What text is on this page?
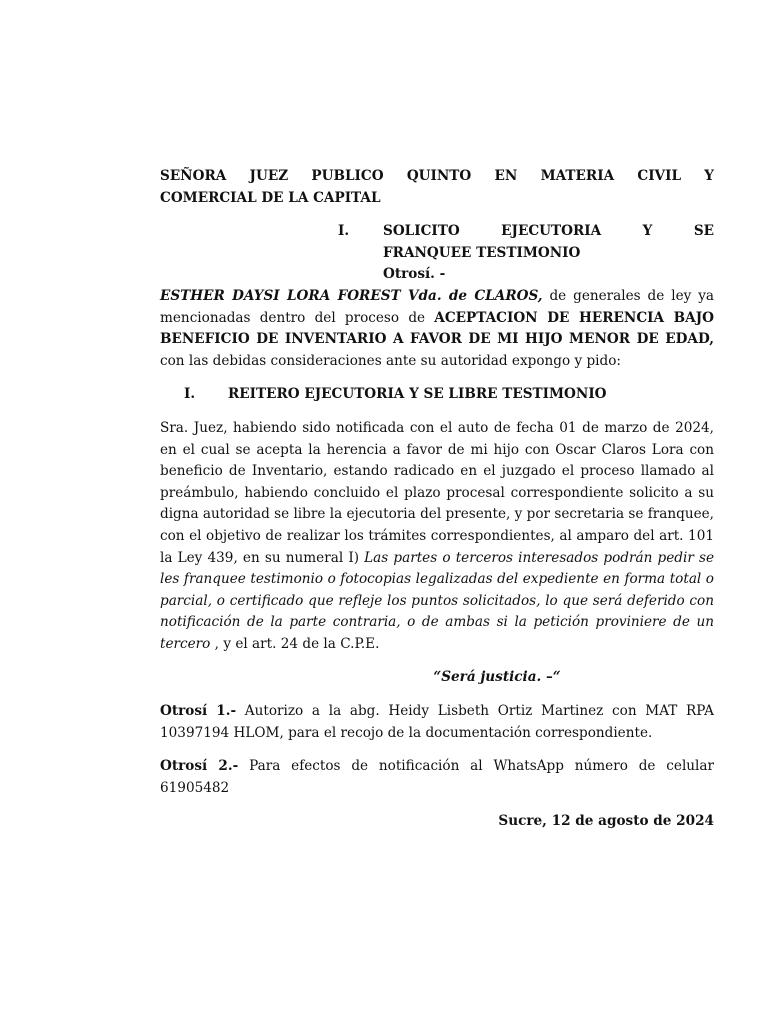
SEÑORA JUEZ PUBLICO QUINTO EN MATERIA CIVIL Y

COMERCIAL DE LA CAPITAL

I.	SOLICITO EJECUTORIA Y SE
FRANQUEE TESTIMONIO
Otrosí. -

ESTHER DAYSI LORA FOREST Vda. de CLAROS, de generales de ley ya mencionadas dentro del proceso de ACEPTACION DE HERENCIA BAJO BENEFICIO DE INVENTARIO A FAVOR DE MI HIJO MENOR DE EDAD, con las debidas consideraciones ante su autoridad expongo y pido:

I.	REITERO EJECUTORIA Y SE LIBRE TESTIMONIO

Sra. Juez, habiendo sido notificada con el auto de fecha 01 de marzo de 2024, en el cual se acepta la herencia a favor de mi hijo con Oscar Claros Lora con beneficio de Inventario, estando radicado en el juzgado el proceso llamado al preámbulo, habiendo concluido el plazo procesal correspondiente solicito a su digna autoridad se libre la ejecutoria del presente, y por secretaria se franquee, con el objetivo de realizar los trámites correspondientes, al amparo del art. 101 la Ley 439, en su numeral I) Las partes o terceros interesados podrán pedir se les franquee testimonio o fotocopias legalizadas del expediente en forma total o parcial, o certificado que refleje los puntos solicitados, lo que será deferido con notificación de la parte contraria, o de ambas si la petición proviniere de un tercero , y el art. 24 de la C.P.E.

“Será justicia. –“

Otrosí 1.- Autorizo a la abg. Heidy Lisbeth Ortiz Martinez con MAT RPA 10397194 HLOM, para el recojo de la documentación correspondiente.

Otrosí 2.- Para efectos de notificación al WhatsApp número de celular 61905482

Sucre, 12 de agosto de 2024
